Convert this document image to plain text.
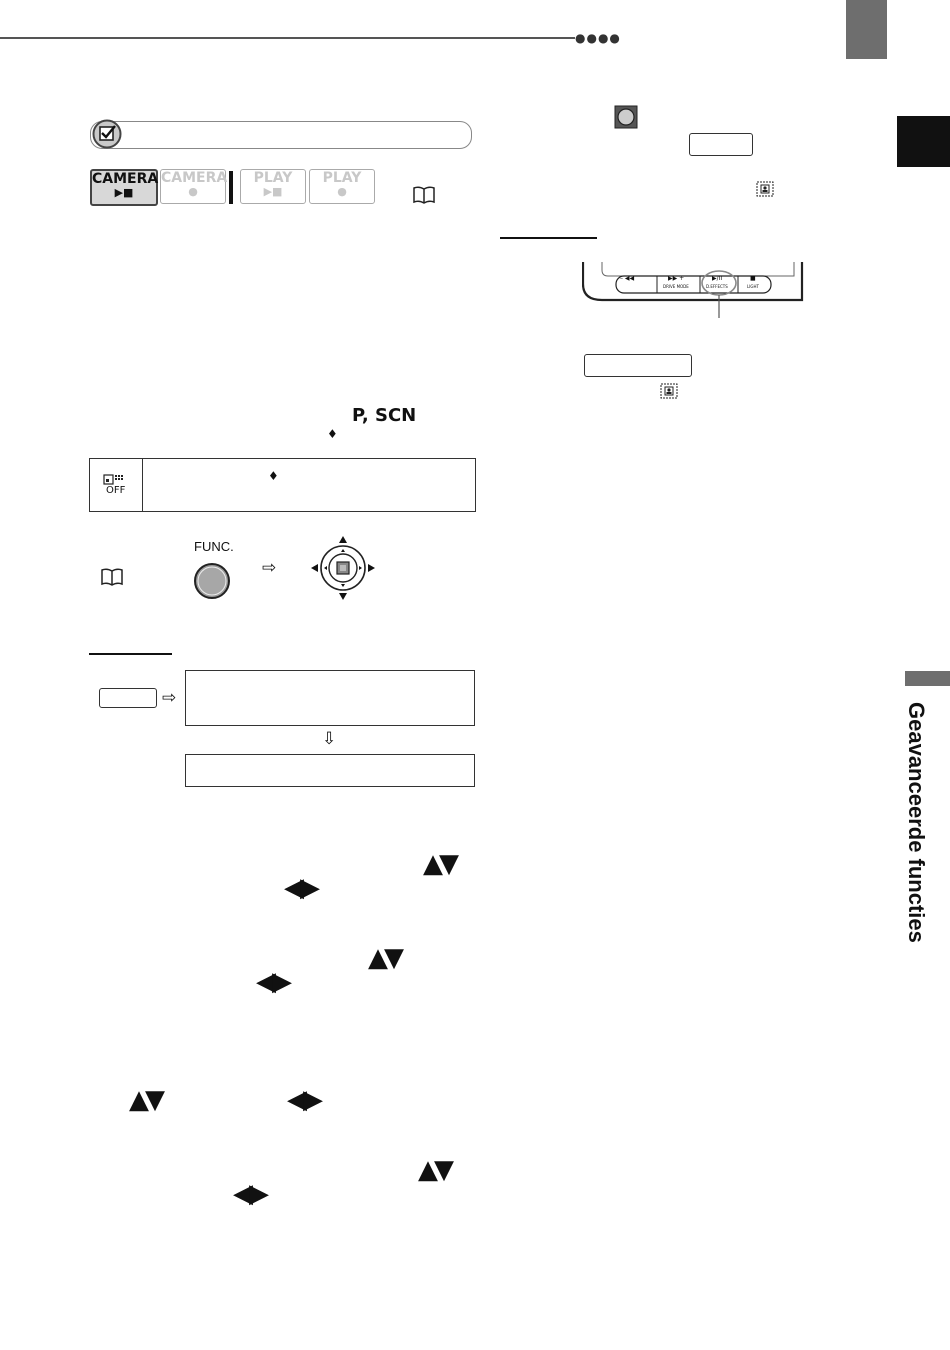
●●●●
Geavanceerde functies
CAMERA
▶■
CAMERA
●
PLAY
▶■
PLAY
●
P, SCN
♦
OFF
♦
FUNC.
⇨
⇨
⇩
▲▼
◀▶
▲▼
◀▶
▲▼	◀▶
▲▼
◀▶
– ◀◀	▶▶ +
DRIVE MODE
▶/II
D.EFFECTS
■
LIGHT
